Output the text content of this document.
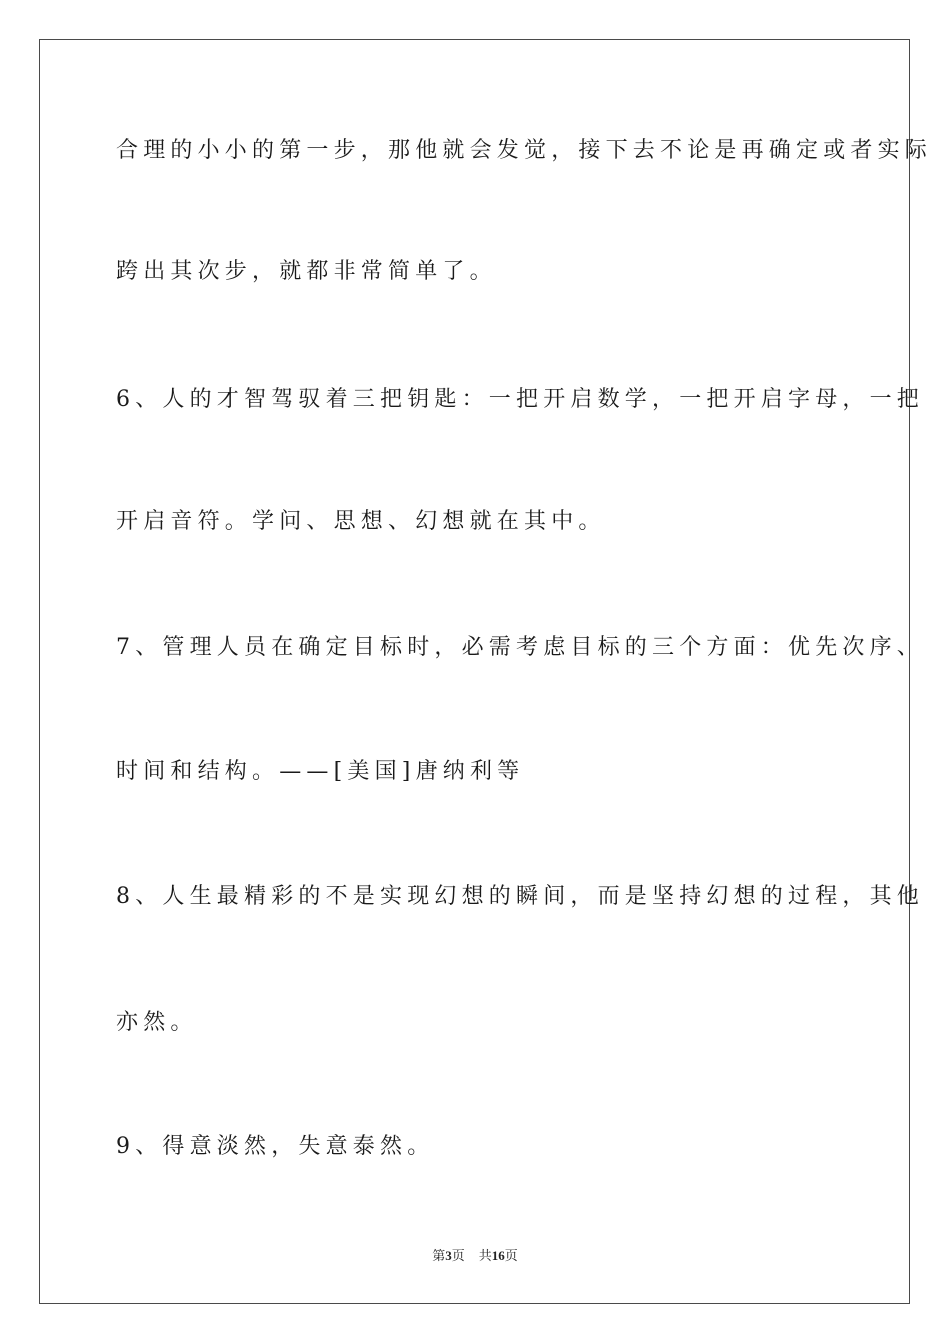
合理的小小的第一步，那他就会发觉，接下去不论是再确定或者实际
跨出其次步，就都非常简单了。
6、人的才智驾驭着三把钥匙：一把开启数学，一把开启字母，一把
开启音符。学问、思想、幻想就在其中。
7、管理人员在确定目标时，必需考虑目标的三个方面：优先次序、
时间和结构。——[美国]唐纳利等
8、人生最精彩的不是实现幻想的瞬间，而是坚持幻想的过程，其他
亦然。
9、得意淡然，失意泰然。
第3页 共16页
